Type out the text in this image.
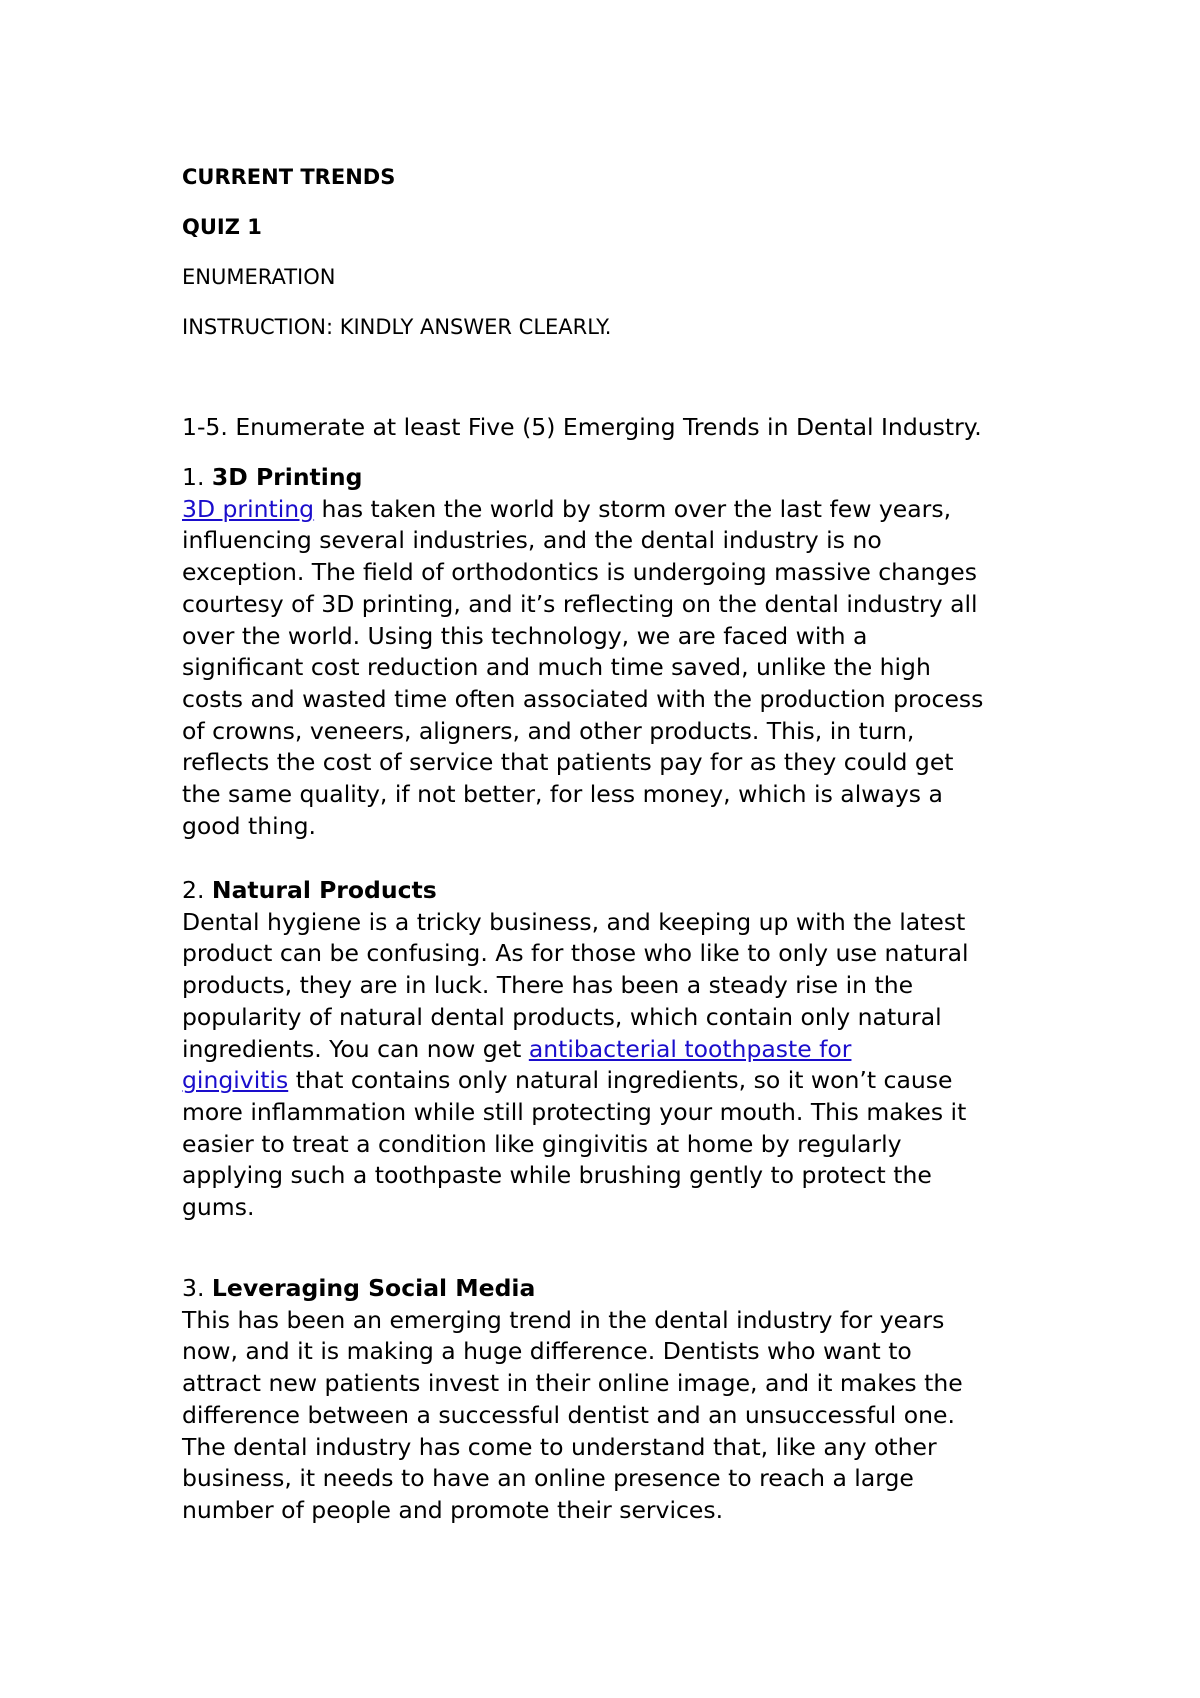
CURRENT TRENDS

QUIZ 1

ENUMERATION

INSTRUCTION: KINDLY ANSWER CLEARLY.

1-5. Enumerate at least Five (5) Emerging Trends in Dental Industry.

1. 3D Printing
3D printing has taken the world by storm over the last few years,
influencing several industries, and the dental industry is no
exception. The field of orthodontics is undergoing massive changes
courtesy of 3D printing, and it’s reflecting on the dental industry all
over the world. Using this technology, we are faced with a
significant cost reduction and much time saved, unlike the high
costs and wasted time often associated with the production process
of crowns, veneers, aligners, and other products. This, in turn,
reflects the cost of service that patients pay for as they could get
the same quality, if not better, for less money, which is always a
good thing.
2. Natural Products
Dental hygiene is a tricky business, and keeping up with the latest
product can be confusing. As for those who like to only use natural
products, they are in luck. There has been a steady rise in the
popularity of natural dental products, which contain only natural
ingredients. You can now get antibacterial toothpaste for
gingivitis that contains only natural ingredients, so it won’t cause
more inflammation while still protecting your mouth. This makes it
easier to treat a condition like gingivitis at home by regularly
applying such a toothpaste while brushing gently to protect the
gums.
3. Leveraging Social Media
This has been an emerging trend in the dental industry for years
now, and it is making a huge difference. Dentists who want to
attract new patients invest in their online image, and it makes the
difference between a successful dentist and an unsuccessful one.
The dental industry has come to understand that, like any other
business, it needs to have an online presence to reach a large
number of people and promote their services.
